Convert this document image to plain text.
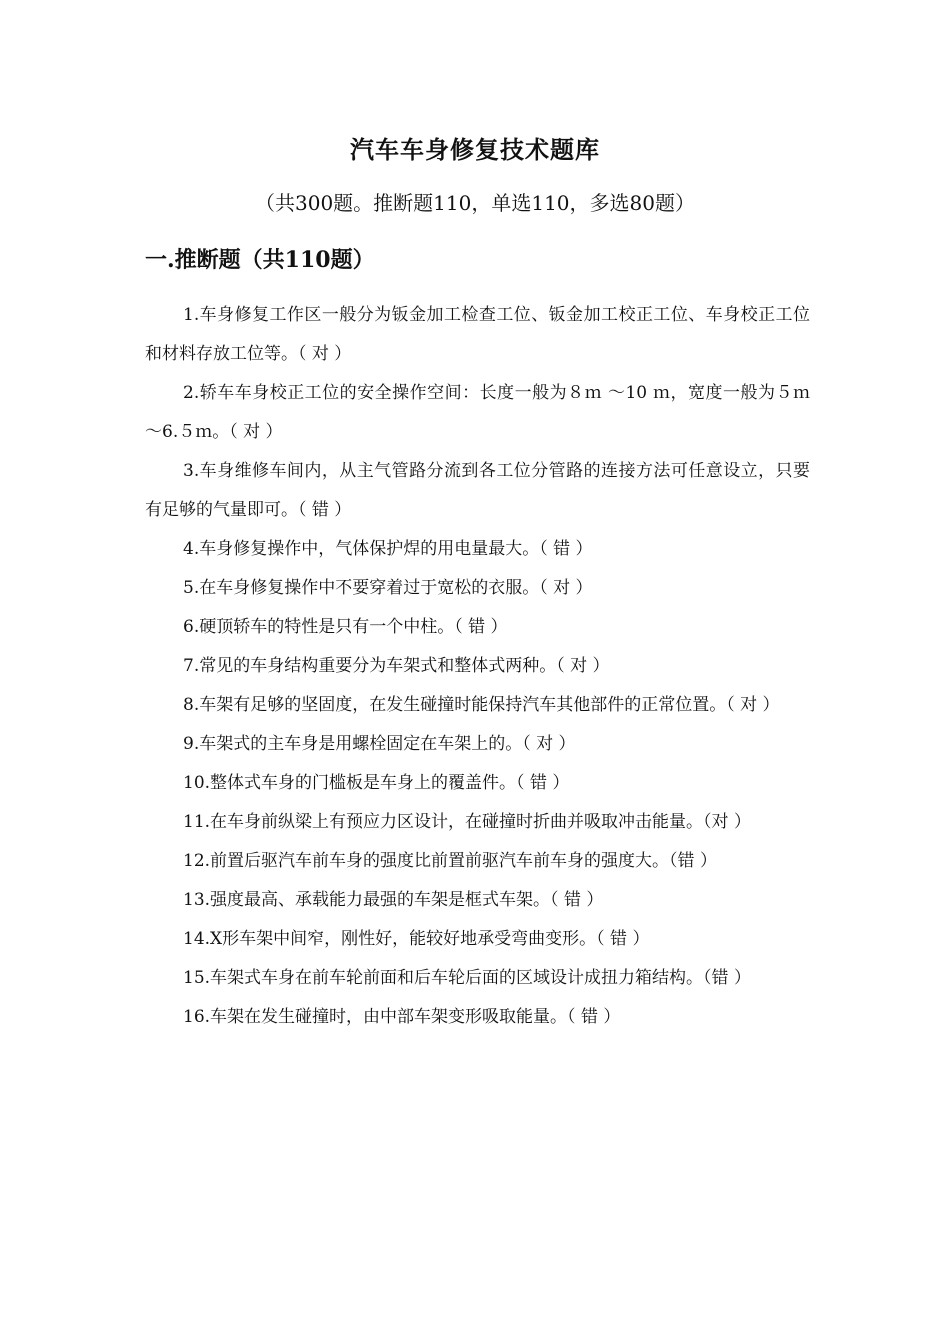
汽车车身修复技术题库
（共300题。推断题110，单选110，多选80题）
一.推断题（共110题）
1.车身修复工作区一般分为钣金加工检查工位、钣金加工校正工位、车身校正工位和材料存放工位等。（ 对 ）
2.轿车车身校正工位的安全操作空间：长度一般为８ｍ ～10 ｍ，宽度一般为５ｍ ～6.５ｍ。（ 对 ）
3.车身维修车间内，从主气管路分流到各工位分管路的连接方法可任意设立，只要有足够的气量即可。（ 错 ）
4.车身修复操作中，气体保护焊的用电量最大。（ 错 ）
5.在车身修复操作中不要穿着过于宽松的衣服。（ 对 ）
6.硬顶轿车的特性是只有一个中柱。（ 错 ）
7.常见的车身结构重要分为车架式和整体式两种。（ 对 ）
8.车架有足够的坚固度，在发生碰撞时能保持汽车其他部件的正常位置。（ 对 ）
9.车架式的主车身是用螺栓固定在车架上的。（ 对 ）
10.整体式车身的门槛板是车身上的覆盖件。（ 错 ）
11.在车身前纵梁上有预应力区设计，在碰撞时折曲并吸取冲击能量。（对 ）
12.前置后驱汽车前车身的强度比前置前驱汽车前车身的强度大。（错 ）
13.强度最高、承载能力最强的车架是框式车架。（ 错 ）
14.X形车架中间窄，刚性好，能较好地承受弯曲变形。（ 错 ）
15.车架式车身在前车轮前面和后车轮后面的区域设计成扭力箱结构。（错 ）
16.车架在发生碰撞时，由中部车架变形吸取能量。（ 错 ）
